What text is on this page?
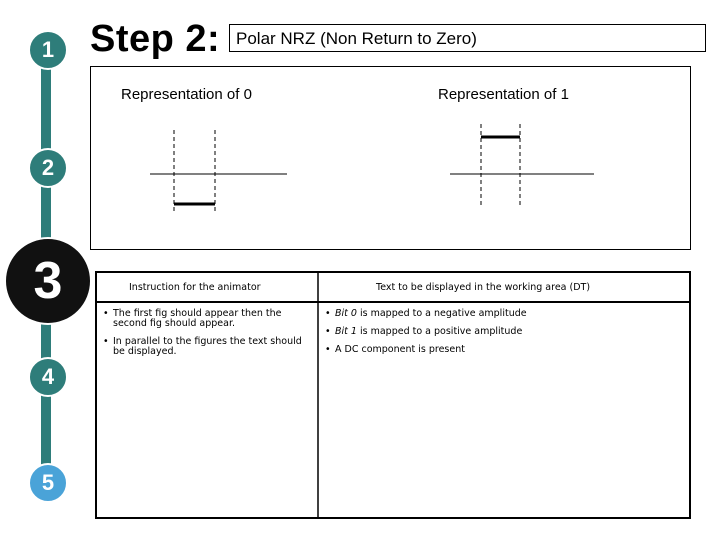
1
2
3
4
5
Step 2: Polar NRZ (Non Return to Zero)
Representation of 0	Representation of 1
Instruction for the animator	Text to be displayed in the working area (DT)
• The first fig should appear then the second fig should appear.
• In parallel to the figures the text should be displayed.
• Bit 0 is mapped to a negative amplitude
• Bit 1 is mapped to a positive amplitude
• A DC component is present
